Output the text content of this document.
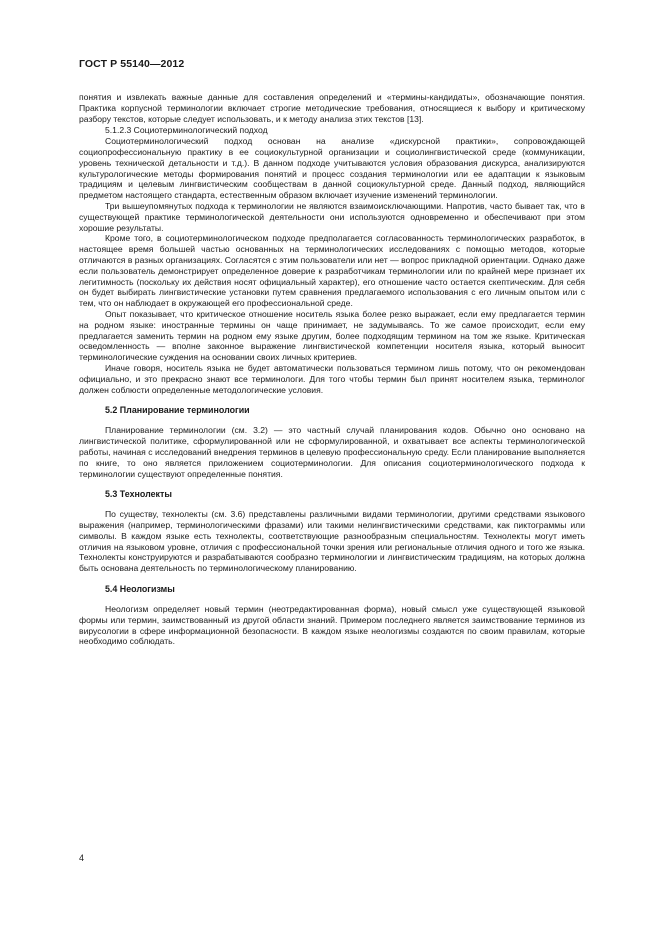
ГОСТ Р 55140—2012

понятия и извлекать важные данные для составления определений и «термины-кандидаты», обозначающие понятия. Практика корпусной терминологии включает строгие методические требования, относящиеся к выбору и критическому разбору текстов, которые следует использовать, и к методу анализа этих текстов [13].

5.1.2.3 Социотерминологический подход

Социотерминологический подход основан на анализе «дискурсной практики», сопровождающей социопрофессиональную практику в ее социокультурной организации и социолингвистической среде (коммуникации, уровень технической детальности и т.д.). В данном подходе учитываются условия образования дискурса, анализируются культурологические методы формирования понятий и процесс создания терминологии или ее адаптации к языковым традициям и целевым лингвистическим сообществам в данной социокультурной среде. Данный подход, являющийся предметом настоящего стандарта, естественным образом включает изучение изменений терминологии.

Три вышеупомянутых подхода к терминологии не являются взаимоисключающими. Напротив, часто бывает так, что в существующей практике терминологической деятельности они используются одновременно и обеспечивают при этом хорошие результаты.

Кроме того, в социотерминологическом подходе предполагается согласованность терминологических разработок, в настоящее время большей частью основанных на терминологических исследованиях с помощью методов, которые отличаются в разных организациях. Согласятся с этим пользователи или нет — вопрос прикладной ориентации. Однако даже если пользователь демонстрирует определенное доверие к разработчикам терминологии или по крайней мере признает их легитимность (поскольку их действия носят официальный характер), его отношение часто остается скептическим. Для себя он будет выбирать лингвистические установки путем сравнения предлагаемого использования с его личным опытом или с тем, что он наблюдает в окружающей его профессиональной среде.

Опыт показывает, что критическое отношение носитель языка более резко выражает, если ему предлагается термин на родном языке: иностранные термины он чаще принимает, не задумываясь. То же самое происходит, если ему предлагается заменить термин на родном ему языке другим, более подходящим термином на том же языке. Критическая осведомленность — вполне законное выражение лингвистической компетенции носителя языка, который выносит терминологические суждения на основании своих личных критериев.

Иначе говоря, носитель языка не будет автоматически пользоваться термином лишь потому, что он рекомендован официально, и это прекрасно знают все терминологи. Для того чтобы термин был принят носителем языка, терминолог должен соблюсти определенные методологические условия.

5.2 Планирование терминологии

Планирование терминологии (см. 3.2) — это частный случай планирования кодов. Обычно оно основано на лингвистической политике, сформулированной или не сформулированной, и охватывает все аспекты терминологической работы, начиная с исследований внедрения терминов в целевую профессиональную среду. Если планирование выполняется по книге, то оно является приложением социотерминологии. Для описания социотерминологического подхода к терминологии существуют определенные понятия.

5.3 Технолекты

По существу, технолекты (см. 3.6) представлены различными видами терминологии, другими средствами языкового выражения (например, терминологическими фразами) или такими нелингвистическими средствами, как пиктограммы или символы. В каждом языке есть технолекты, соответствующие разнообразным специальностям. Технолекты могут иметь отличия на языковом уровне, отличия с профессиональной точки зрения или региональные отличия одного и того же языка. Технолекты конструируются и разрабатываются сообразно терминологии и лингвистическим традициям, на которых должна быть основана деятельность по терминологическому планированию.

5.4 Неологизмы

Неологизм определяет новый термин (неотредактированная форма), новый смысл уже существующей языковой формы или термин, заимствованный из другой области знаний. Примером последнего является заимствование терминов из вирусологии в сфере информационной безопасности. В каждом языке неологизмы создаются по своим правилам, которые необходимо соблюдать.

4
